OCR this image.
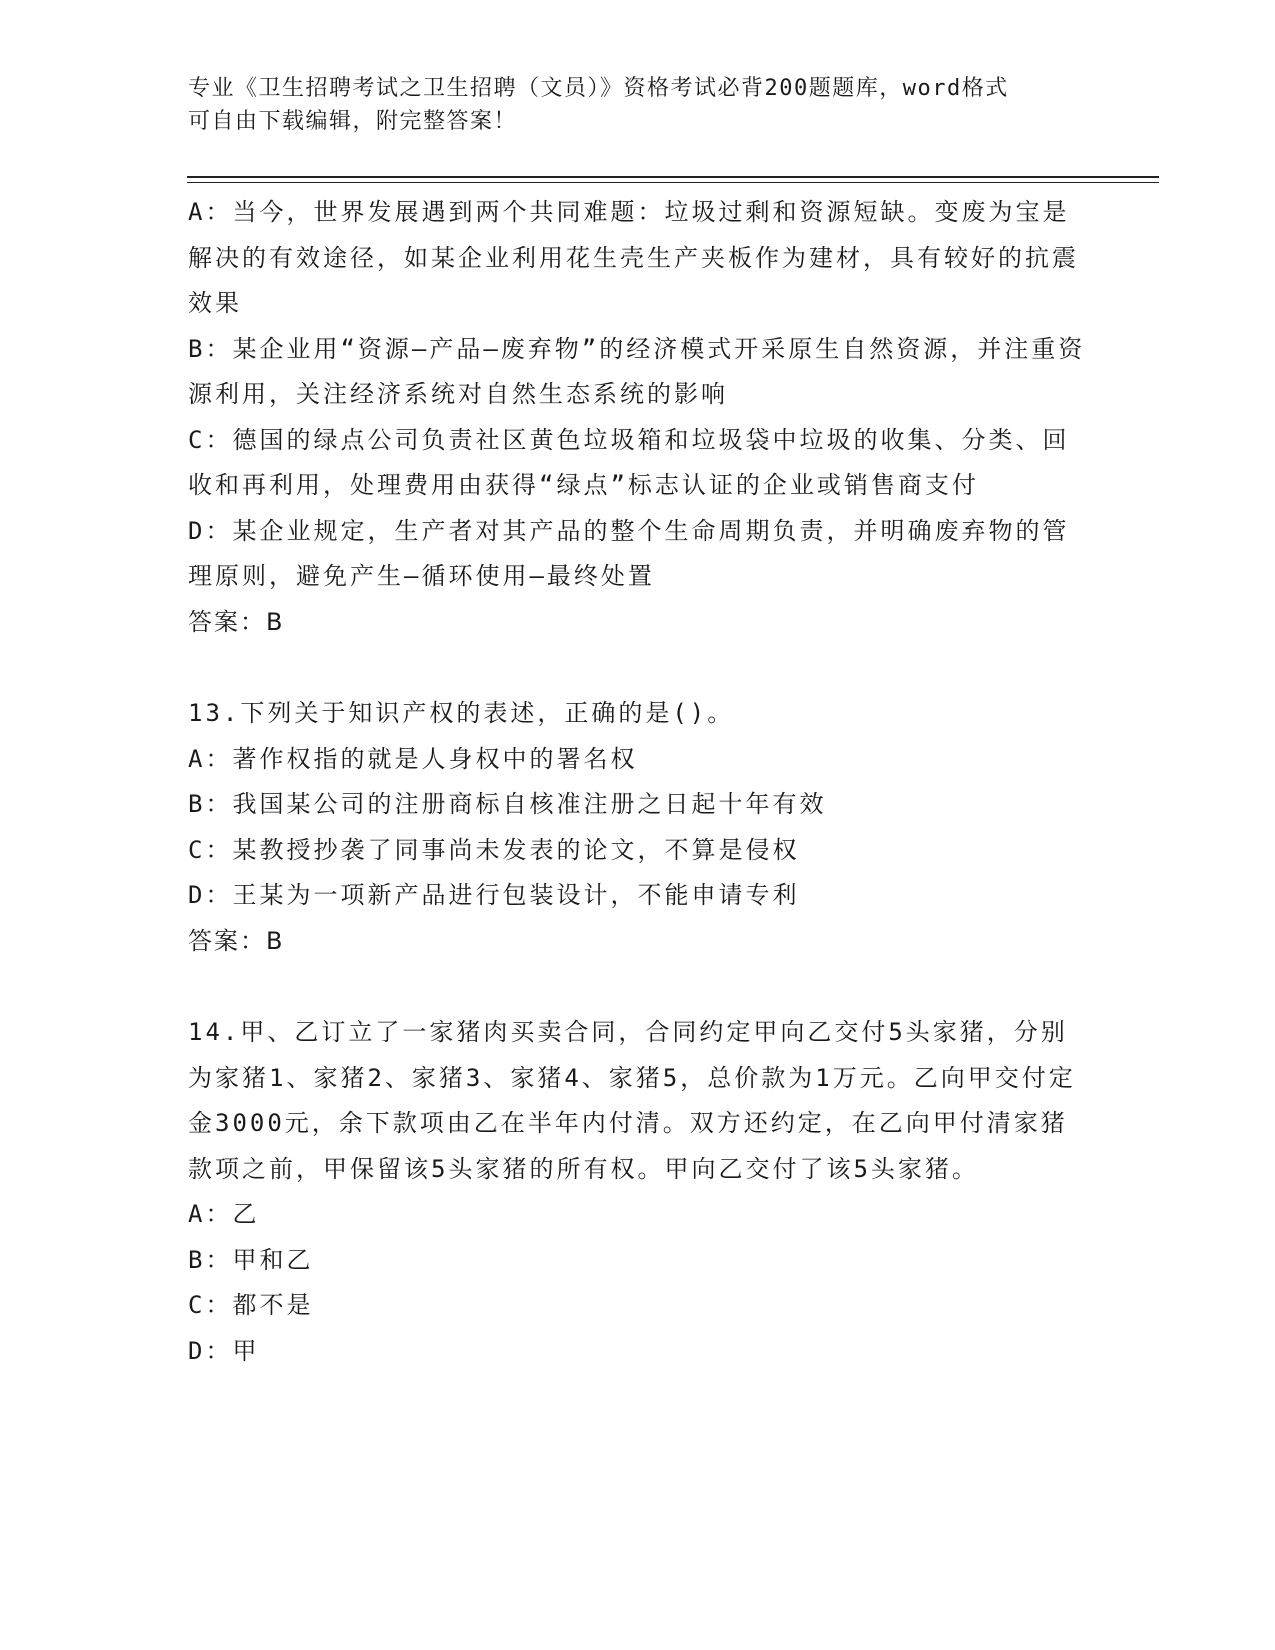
专业《卫生招聘考试之卫生招聘（文员）》资格考试必背200题题库，word格式
可自由下载编辑，附完整答案！

A：当今，世界发展遇到两个共同难题：垃圾过剩和资源短缺。变废为宝是解决的有效途径，如某企业利用花生壳生产夹板作为建材，具有较好的抗震效果

B：某企业用“资源—产品—废弃物”的经济模式开采原生自然资源，并注重资源利用，关注经济系统对自然生态系统的影响

C：德国的绿点公司负责社区黄色垃圾箱和垃圾袋中垃圾的收集、分类、回收和再利用，处理费用由获得“绿点”标志认证的企业或销售商支付

D：某企业规定，生产者对其产品的整个生命周期负责，并明确废弃物的管理原则，避免产生—循环使用—最终处置

答案：B

13.下列关于知识产权的表述，正确的是()。

A：著作权指的就是人身权中的署名权

B：我国某公司的注册商标自核准注册之日起十年有效

C：某教授抄袭了同事尚未发表的论文，不算是侵权

D：王某为一项新产品进行包装设计，不能申请专利

答案：B

14.甲、乙订立了一家猪肉买卖合同，合同约定甲向乙交付5头家猪，分别为家猪1、家猪2、家猪3、家猪4、家猪5，总价款为1万元。乙向甲交付定金3000元，余下款项由乙在半年内付清。双方还约定，在乙向甲付清家猪款项之前，甲保留该5头家猪的所有权。甲向乙交付了该5头家猪。

A：乙

B：甲和乙

C：都不是

D：甲
